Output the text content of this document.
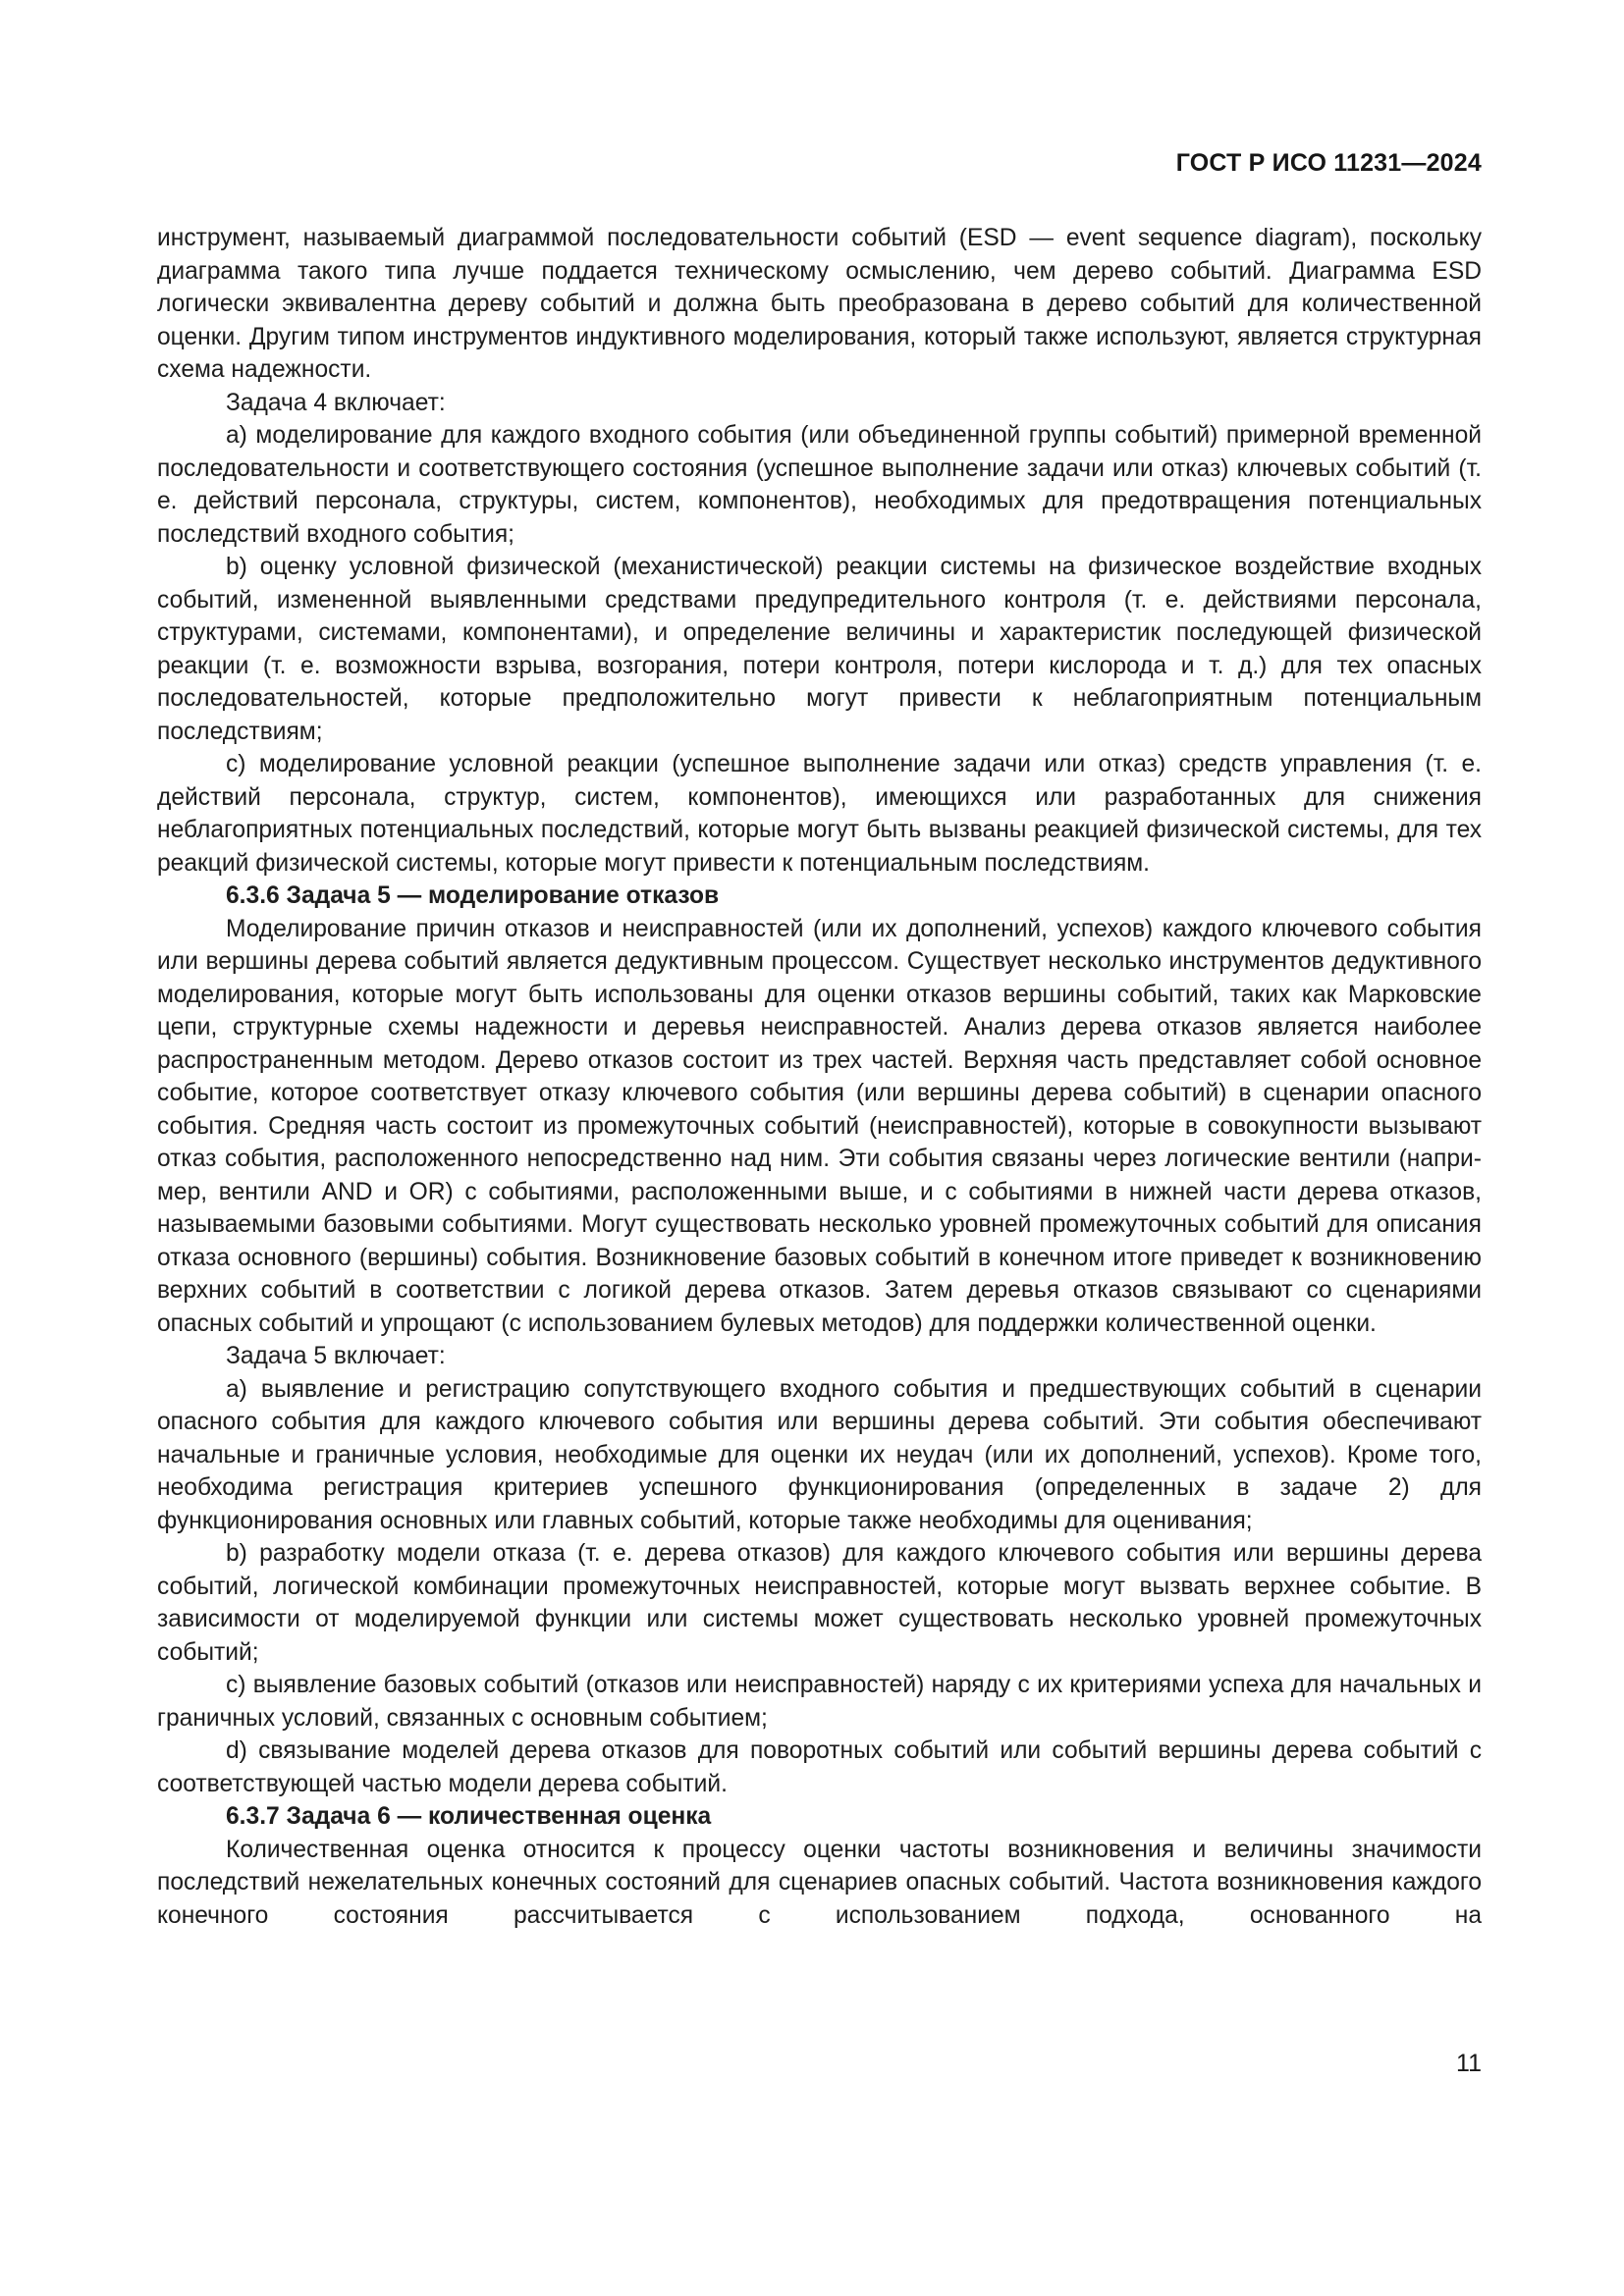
ГОСТ Р ИСО 11231—2024

инструмент, называемый диаграммой последовательности событий (ESD — event sequence diagram), поскольку диаграмма такого типа лучше поддается техническому осмыслению, чем дерево событий. Диаграмма ESD логически эквивалентна дереву событий и должна быть преобразована в дерево событий для количественной оценки. Другим типом инструментов индуктивного моделирования, который также используют, является структурная схема надежности.

Задача 4 включает:

a) моделирование для каждого входного события (или объединенной группы событий) примерной временной последовательности и соответствующего состояния (успешное выполнение задачи или отказ) ключевых событий (т. е. действий персонала, структуры, систем, компонентов), необходимых для предотвращения потенциальных последствий входного события;

b) оценку условной физической (механистической) реакции системы на физическое воздействие входных событий, измененной выявленными средствами предупредительного контроля (т. е. действиями персонала, структурами, системами, компонентами), и определение величины и характеристик последующей физической реакции (т. е. возможности взрыва, возгорания, потери контроля, потери кислорода и т. д.) для тех опасных последовательностей, которые предположительно могут привести к неблагоприятным потенциальным последствиям;

c) моделирование условной реакции (успешное выполнение задачи или отказ) средств управления (т. е. действий персонала, структур, систем, компонентов), имеющихся или разработанных для снижения неблагоприятных потенциальных последствий, которые могут быть вызваны реакцией физической системы, для тех реакций физической системы, которые могут привести к потенциальным последствиям.

6.3.6 Задача 5 — моделирование отказов

Моделирование причин отказов и неисправностей (или их дополнений, успехов) каждого ключевого события или вершины дерева событий является дедуктивным процессом. Существует несколько инструментов дедуктивного моделирования, которые могут быть использованы для оценки отказов вершины событий, таких как Марковские цепи, структурные схемы надежности и деревья неисправностей. Анализ дерева отказов является наиболее распространенным методом. Дерево отказов состоит из трех частей. Верхняя часть представляет собой основное событие, которое соответствует отказу ключевого события (или вершины дерева событий) в сценарии опасного события. Средняя часть состоит из промежуточных событий (неисправностей), которые в совокупности вызывают отказ события, расположенного непосредственно над ним. Эти события связаны через логические вентили (например, вентили AND и OR) с событиями, расположенными выше, и с событиями в нижней части дерева отказов, называемыми базовыми событиями. Могут существовать несколько уровней промежуточных событий для описания отказа основного (вершины) события. Возникновение базовых событий в конечном итоге приведет к возникновению верхних событий в соответствии с логикой дерева отказов. Затем деревья отказов связывают со сценариями опасных событий и упрощают (с использованием булевых методов) для поддержки количественной оценки.

Задача 5 включает:

a) выявление и регистрацию сопутствующего входного события и предшествующих событий в сценарии опасного события для каждого ключевого события или вершины дерева событий. Эти события обеспечивают начальные и граничные условия, необходимые для оценки их неудач (или их дополнений, успехов). Кроме того, необходима регистрация критериев успешного функционирования (определенных в задаче 2) для функционирования основных или главных событий, которые также необходимы для оценивания;

b) разработку модели отказа (т. е. дерева отказов) для каждого ключевого события или вершины дерева событий, логической комбинации промежуточных неисправностей, которые могут вызвать верхнее событие. В зависимости от моделируемой функции или системы может существовать несколько уровней промежуточных событий;

c) выявление базовых событий (отказов или неисправностей) наряду с их критериями успеха для начальных и граничных условий, связанных с основным событием;

d) связывание моделей дерева отказов для поворотных событий или событий вершины дерева событий с соответствующей частью модели дерева событий.

6.3.7 Задача 6 — количественная оценка

Количественная оценка относится к процессу оценки частоты возникновения и величины значимости последствий нежелательных конечных состояний для сценариев опасных событий. Частота возникновения каждого конечного состояния рассчитывается с использованием подхода, основанного на

11
